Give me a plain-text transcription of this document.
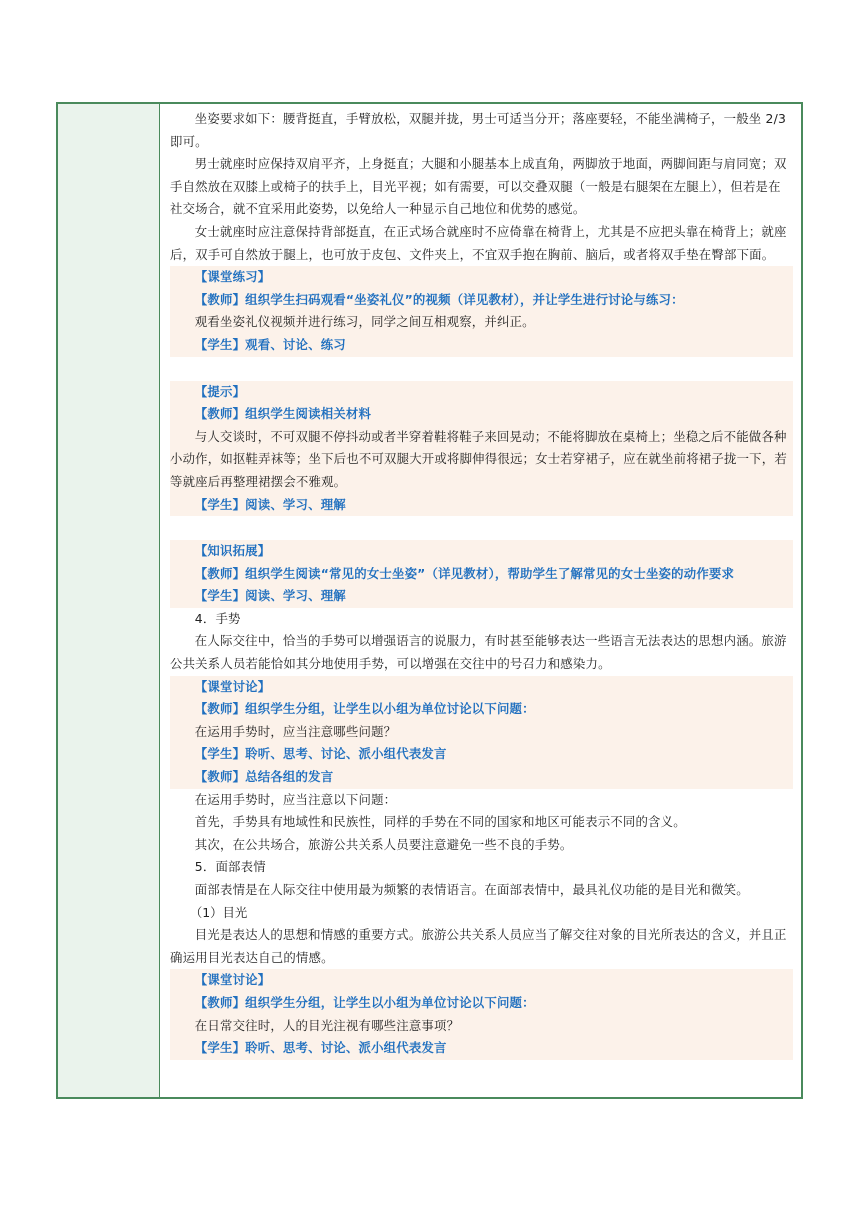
坐姿要求如下：腰背挺直，手臂放松，双腿并拢，男士可适当分开；落座要轻，不能坐满椅子，一般坐 2/3 即可。

男士就座时应保持双肩平齐，上身挺直；大腿和小腿基本上成直角，两脚放于地面，两脚间距与肩同宽；双手自然放在双膝上或椅子的扶手上，目光平视；如有需要，可以交叠双腿（一般是右腿架在左腿上），但若是在社交场合，就不宜采用此姿势，以免给人一种显示自己地位和优势的感觉。

女士就座时应注意保持背部挺直，在正式场合就座时不应倚靠在椅背上，尤其是不应把头靠在椅背上；就座后，双手可自然放于腿上，也可放于皮包、文件夹上，不宜双手抱在胸前、脑后，或者将双手垫在臀部下面。

【课堂练习】

【教师】组织学生扫码观看“坐姿礼仪”的视频（详见教材），并让学生进行讨论与练习：

观看坐姿礼仪视频并进行练习，同学之间互相观察，并纠正。

【学生】观看、讨论、练习

【提示】

【教师】组织学生阅读相关材料

与人交谈时，不可双腿不停抖动或者半穿着鞋将鞋子来回晃动；不能将脚放在桌椅上；坐稳之后不能做各种小动作，如抠鞋弄袜等；坐下后也不可双腿大开或将脚伸得很远；女士若穿裙子，应在就坐前将裙子拢一下，若等就座后再整理裙摆会不雅观。

【学生】阅读、学习、理解

【知识拓展】

【教师】组织学生阅读“常见的女士坐姿”（详见教材），帮助学生了解常见的女士坐姿的动作要求

【学生】阅读、学习、理解

4．手势

在人际交往中，恰当的手势可以增强语言的说服力，有时甚至能够表达一些语言无法表达的思想内涵。旅游公共关系人员若能恰如其分地使用手势，可以增强在交往中的号召力和感染力。

【课堂讨论】

【教师】组织学生分组，让学生以小组为单位讨论以下问题：

在运用手势时，应当注意哪些问题？

【学生】聆听、思考、讨论、派小组代表发言

【教师】总结各组的发言

在运用手势时，应当注意以下问题：

首先，手势具有地域性和民族性，同样的手势在不同的国家和地区可能表示不同的含义。

其次，在公共场合，旅游公共关系人员要注意避免一些不良的手势。

5．面部表情

面部表情是在人际交往中使用最为频繁的表情语言。在面部表情中，最具礼仪功能的是目光和微笑。

（1）目光

目光是表达人的思想和情感的重要方式。旅游公共关系人员应当了解交往对象的目光所表达的含义，并且正确运用目光表达自己的情感。

【课堂讨论】

【教师】组织学生分组，让学生以小组为单位讨论以下问题：

在日常交往时，人的目光注视有哪些注意事项？

【学生】聆听、思考、讨论、派小组代表发言
